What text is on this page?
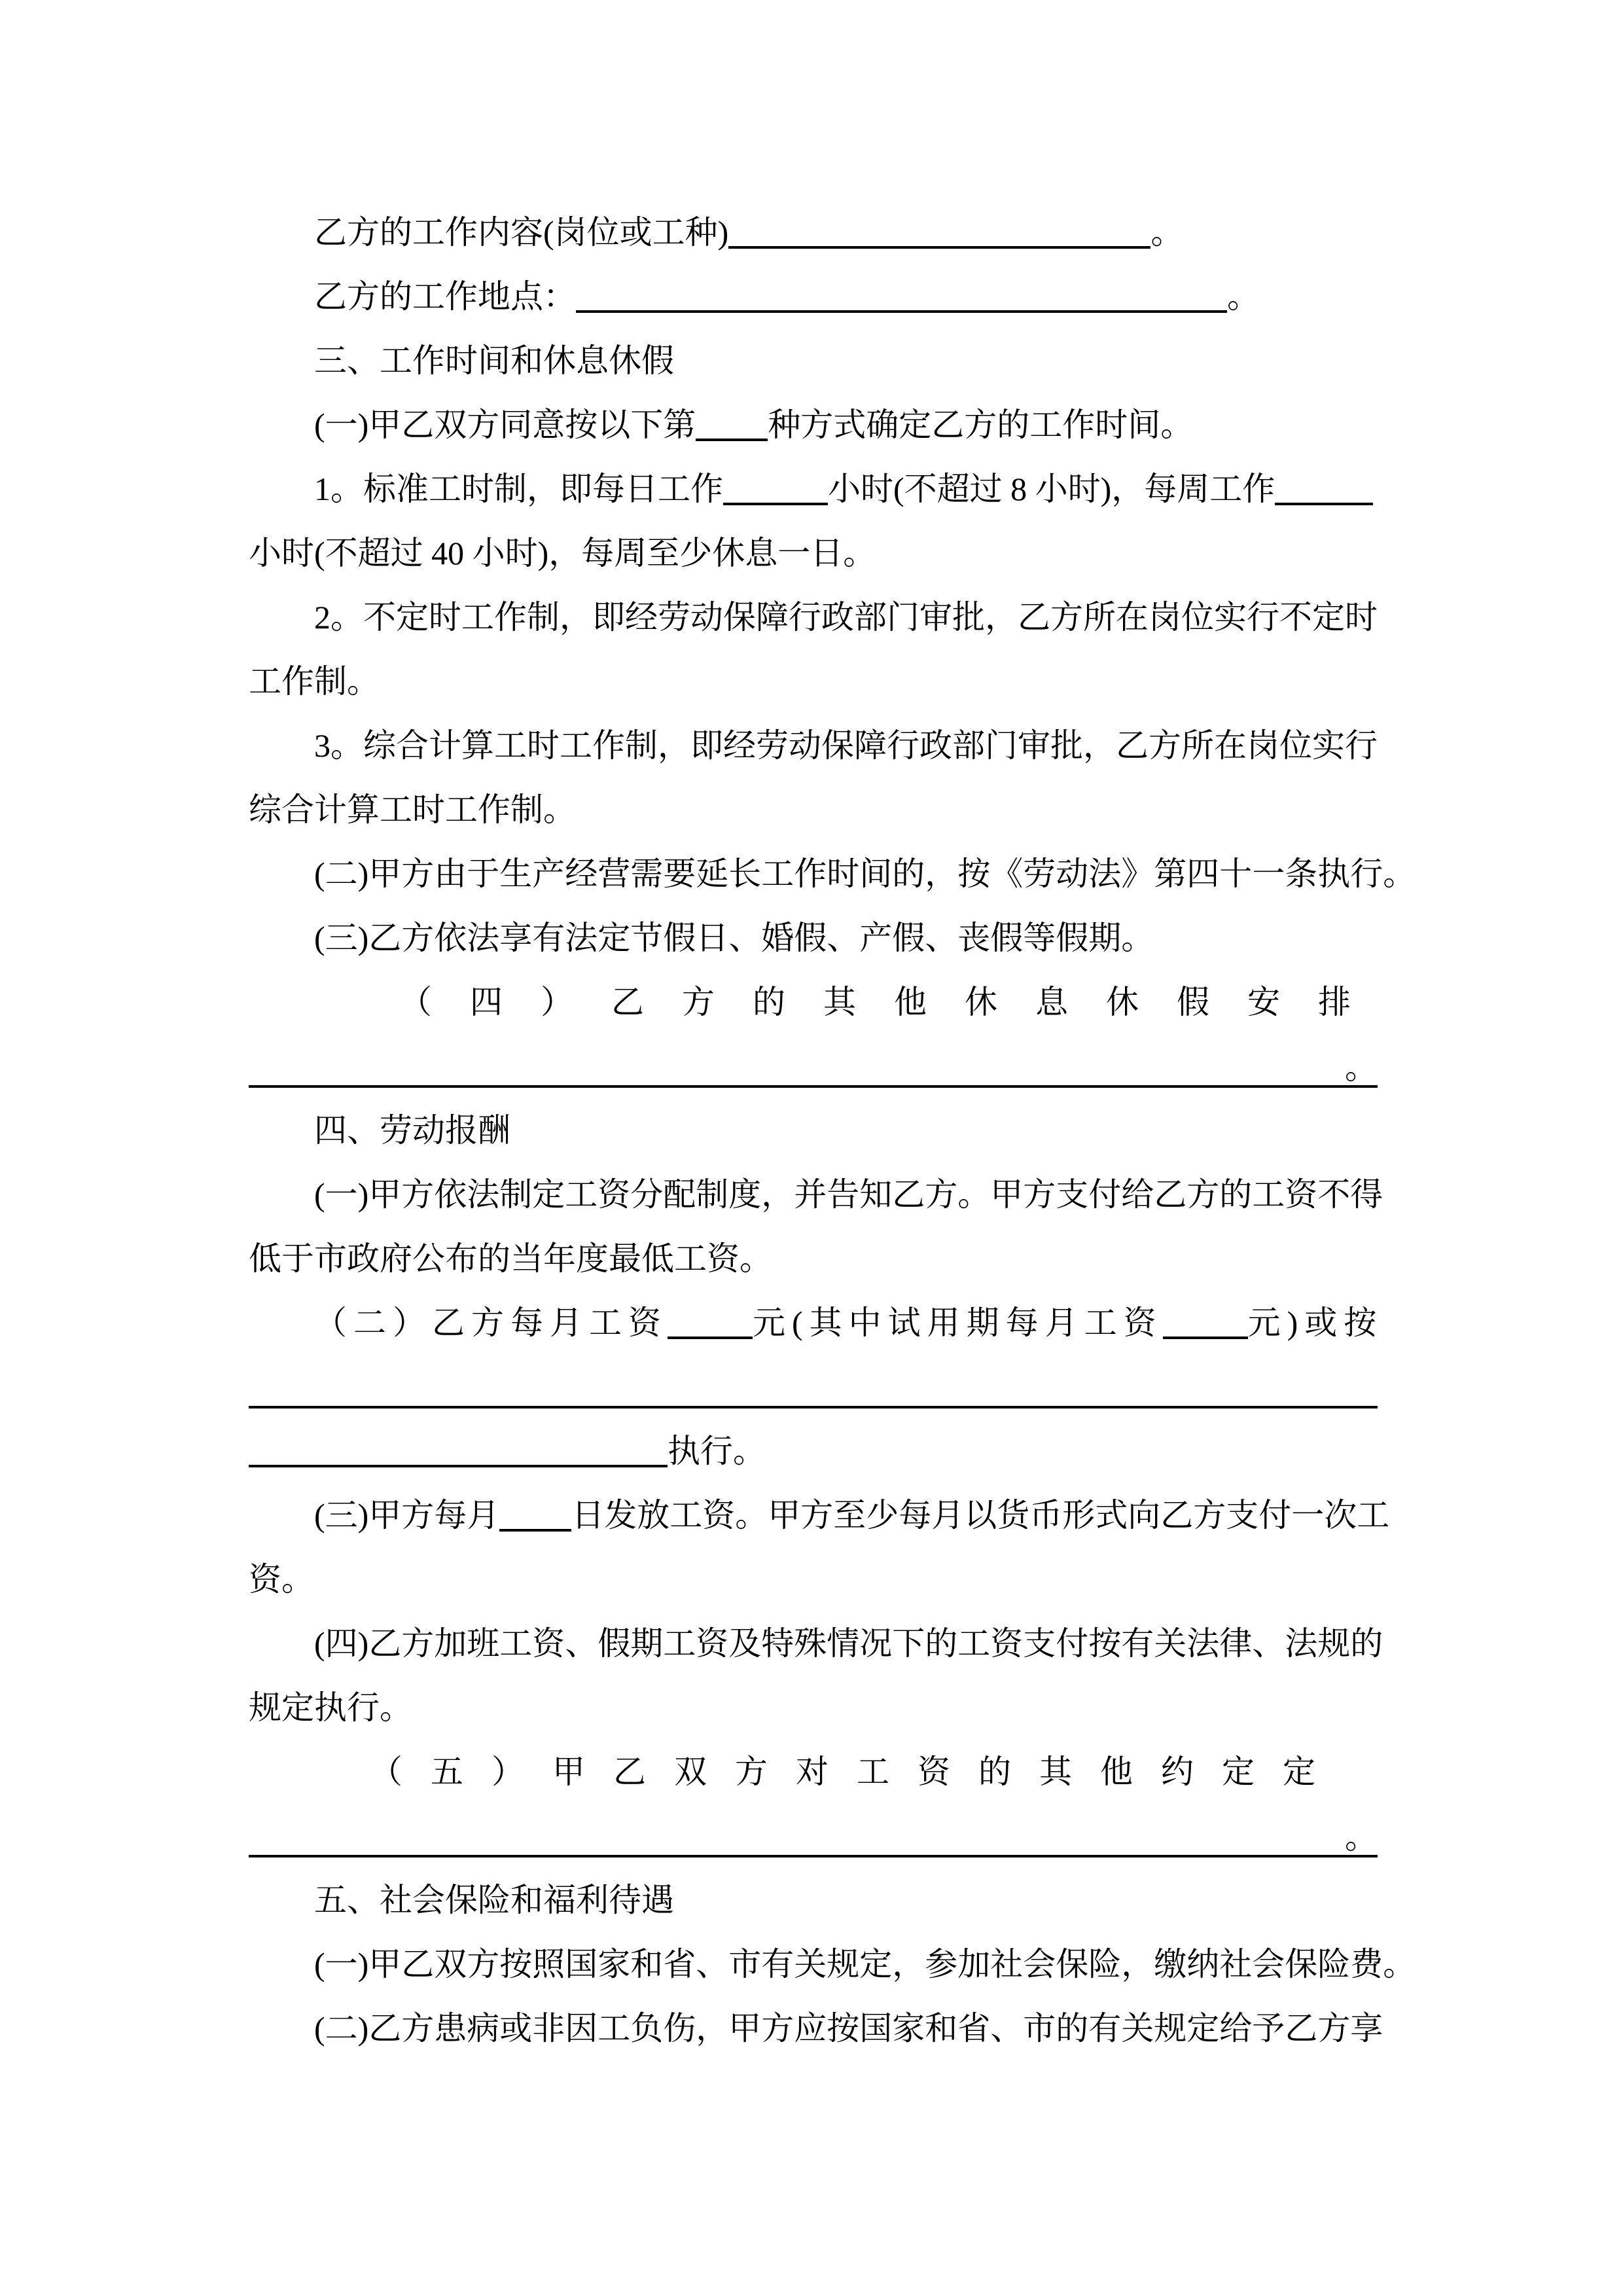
乙方的工作内容(岗位或工种)	。
乙方的工作地点：	。
三、工作时间和休息休假
(一)甲乙双方同意按以下第 种方式确定乙方的工作时间。
1。标准工时制，即每日工作	小时(不超过 8 小时)，每周工作
小时(不超过 40 小时)，每周至少休息一日。
2。不定时工作制，即经劳动保障行政部门审批，乙方所在岗位实行不定时
工作制。
3。综合计算工时工作制，即经劳动保障行政部门审批，乙方所在岗位实行
综合计算工时工作制。
(二)甲方由于生产经营需要延长工作时间的，按《劳动法》第四十一条执行。
(三)乙方依法享有法定节假日、婚假、产假、丧假等假期。
（四）乙方的其他休息休假安排
。
四、劳动报酬
(一)甲方依法制定工资分配制度，并告知乙方。甲方支付给乙方的工资不得
低于市政府公布的当年度最低工资。
（二）乙方每月工资	元(其中试用期每月工资	元)或按
执行。
(三)甲方每月 日发放工资。甲方至少每月以货币形式向乙方支付一次工
资。
(四)乙方加班工资、假期工资及特殊情况下的工资支付按有关法律、法规的
规定执行。
（五）甲乙双方对工资的其他约定定
。
五、社会保险和福利待遇
(一)甲乙双方按照国家和省、市有关规定，参加社会保险，缴纳社会保险费。
(二)乙方患病或非因工负伤，甲方应按国家和省、市的有关规定给予乙方享
